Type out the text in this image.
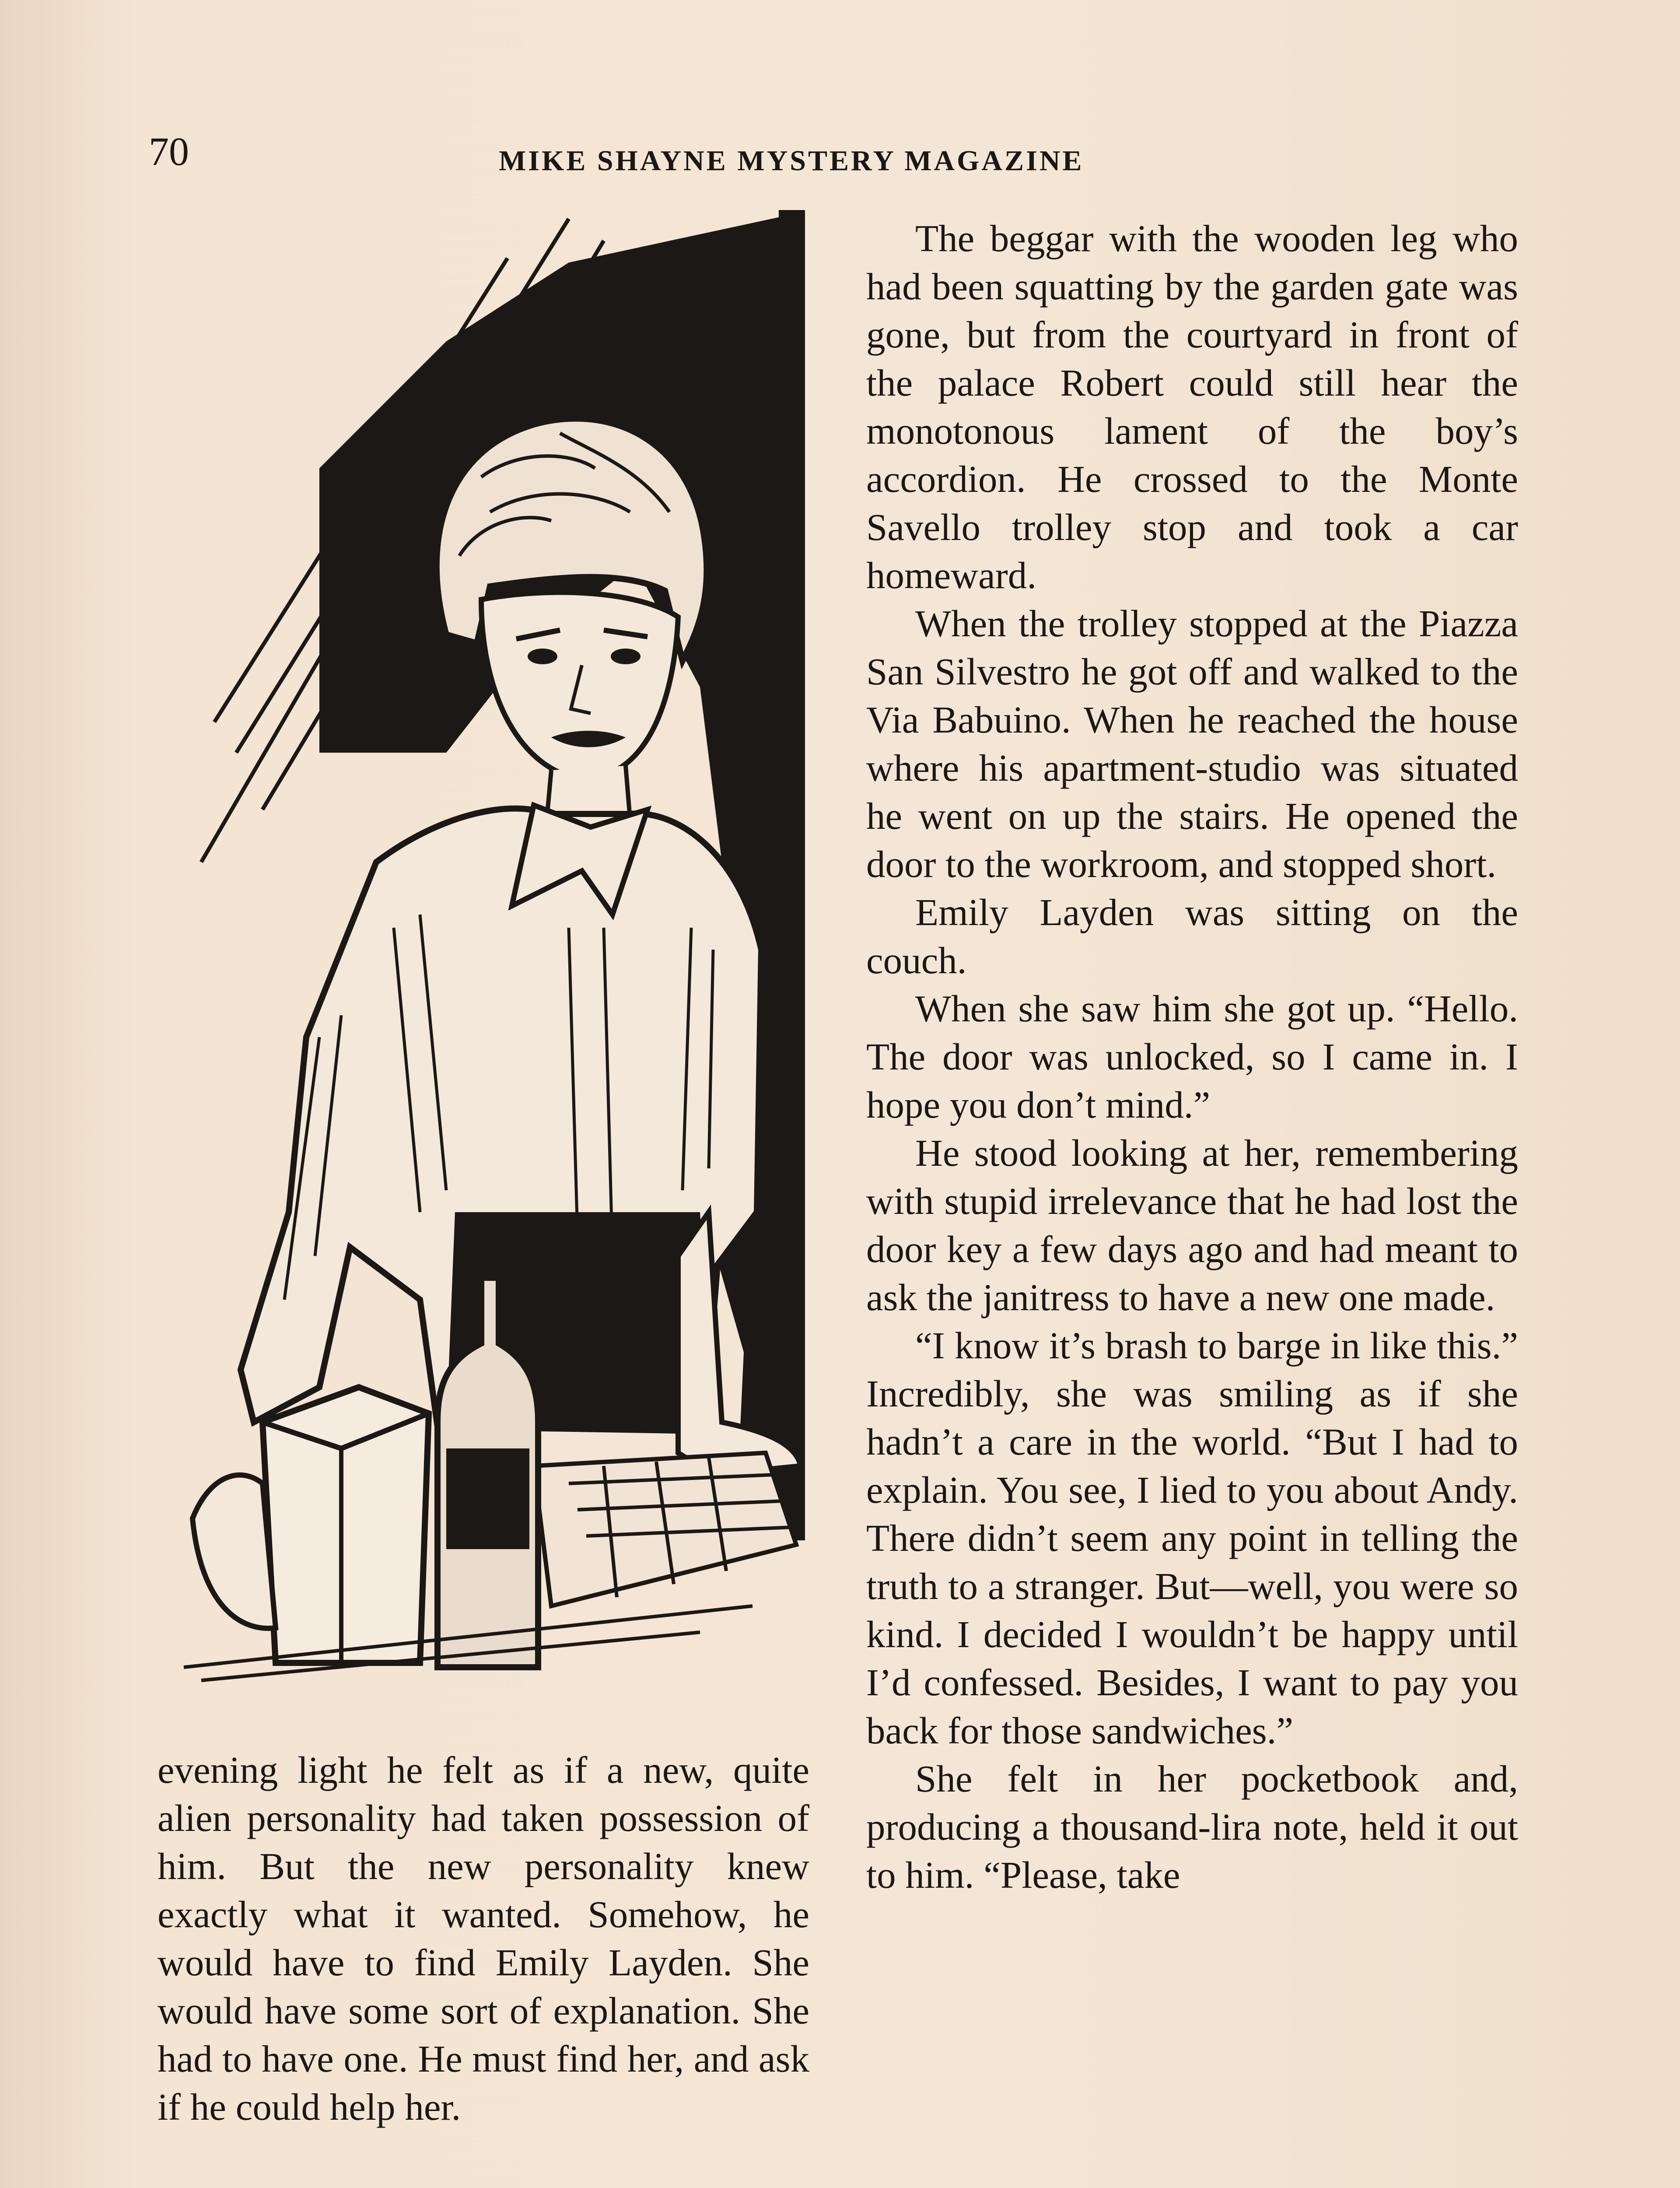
70	MIKE SHAYNE MYSTERY MAGAZINE

The beggar with the wooden leg who had been squatting by the garden gate was gone, but from the courtyard in front of the palace Robert could still hear the monotonous lament of the boy’s accordion. He crossed to the Monte Savello trolley stop and took a car homeward.

When the trolley stopped at the Piazza San Silvestro he got off and walked to the Via Babuino. When he reached the house where his apartment-studio was situated he went on up the stairs. He opened the door to the workroom, and stopped short.

Emily Layden was sitting on the couch.

When she saw him she got up. “Hello. The door was unlocked, so I came in. I hope you don’t mind.”

He stood looking at her, remembering with stupid irrelevance that he had lost the door key a few days ago and had meant to ask the janitress to have a new one made.

“I know it’s brash to barge in like this.” Incredibly, she was smiling as if she hadn’t a care in the world. “But I had to explain. You see, I lied to you about Andy. There didn’t seem any point in telling the truth to a stranger. But—well, you were so kind. I decided I wouldn’t be happy until I’d confessed. Besides, I want to pay you back for those sandwiches.”

She felt in her pocketbook and, producing a thousand-lira note, held it out to him. “Please, take

evening light he felt as if a new, quite alien personality had taken possession of him. But the new personality knew exactly what it wanted. Somehow, he would have to find Emily Layden. She would have some sort of explanation. She had to have one. He must find her, and ask if he could help her.
